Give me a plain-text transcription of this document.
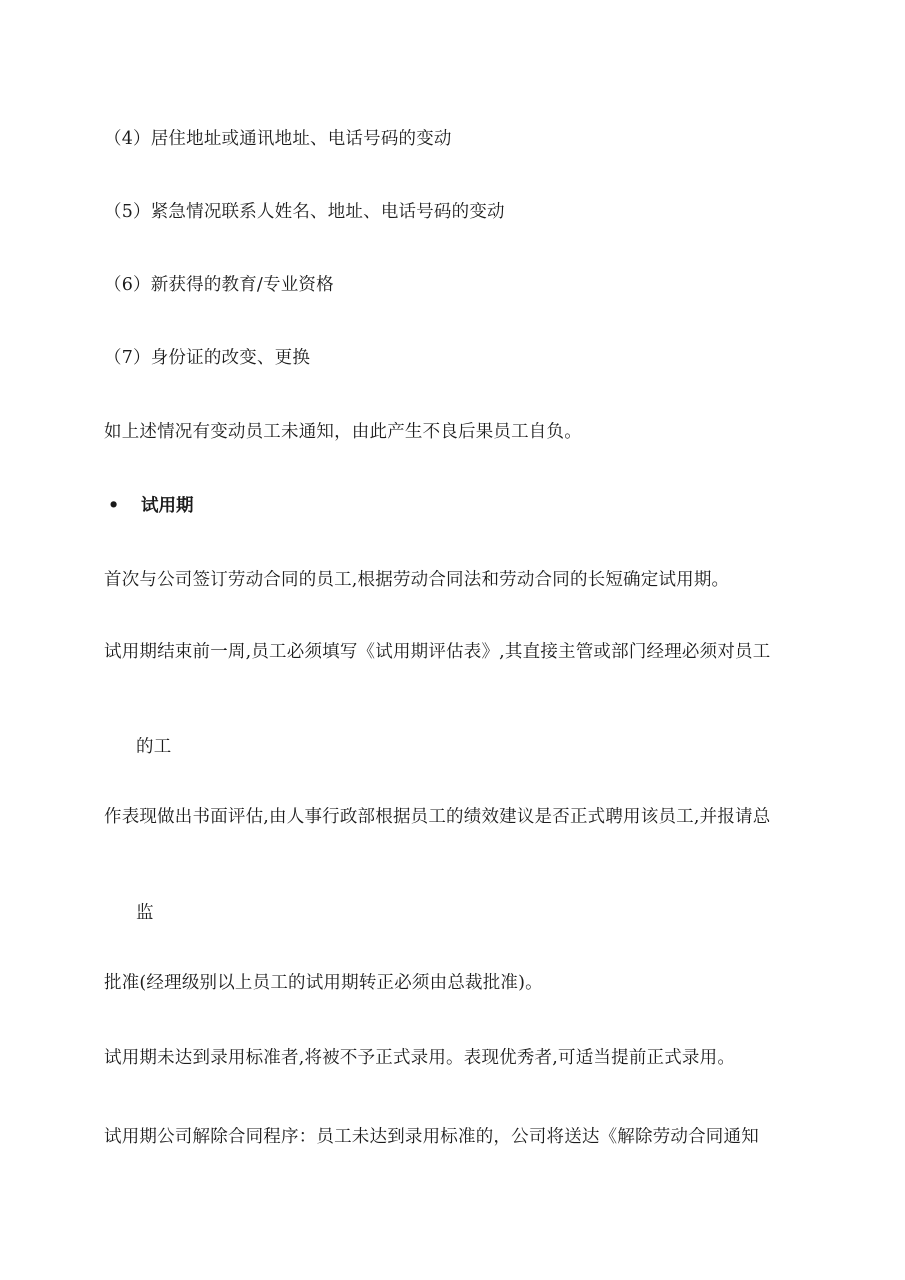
（4）居住地址或通讯地址、电话号码的变动
（5）紧急情况联系人姓名、地址、电话号码的变动
（6）新获得的教育/专业资格
（7）身份证的改变、更换
如上述情况有变动员工未通知，由此产生不良后果员工自负。
• 试用期
首次与公司签订劳动合同的员工,根据劳动合同法和劳动合同的长短确定试用期。
试用期结束前一周,员工必须填写《试用期评估表》,其直接主管或部门经理必须对员工
的工
作表现做出书面评估,由人事行政部根据员工的绩效建议是否正式聘用该员工,并报请总
监
批准(经理级别以上员工的试用期转正必须由总裁批准)。
试用期未达到录用标准者,将被不予正式录用。表现优秀者,可适当提前正式录用。
试用期公司解除合同程序：员工未达到录用标准的，公司将送达《解除劳动合同通知
